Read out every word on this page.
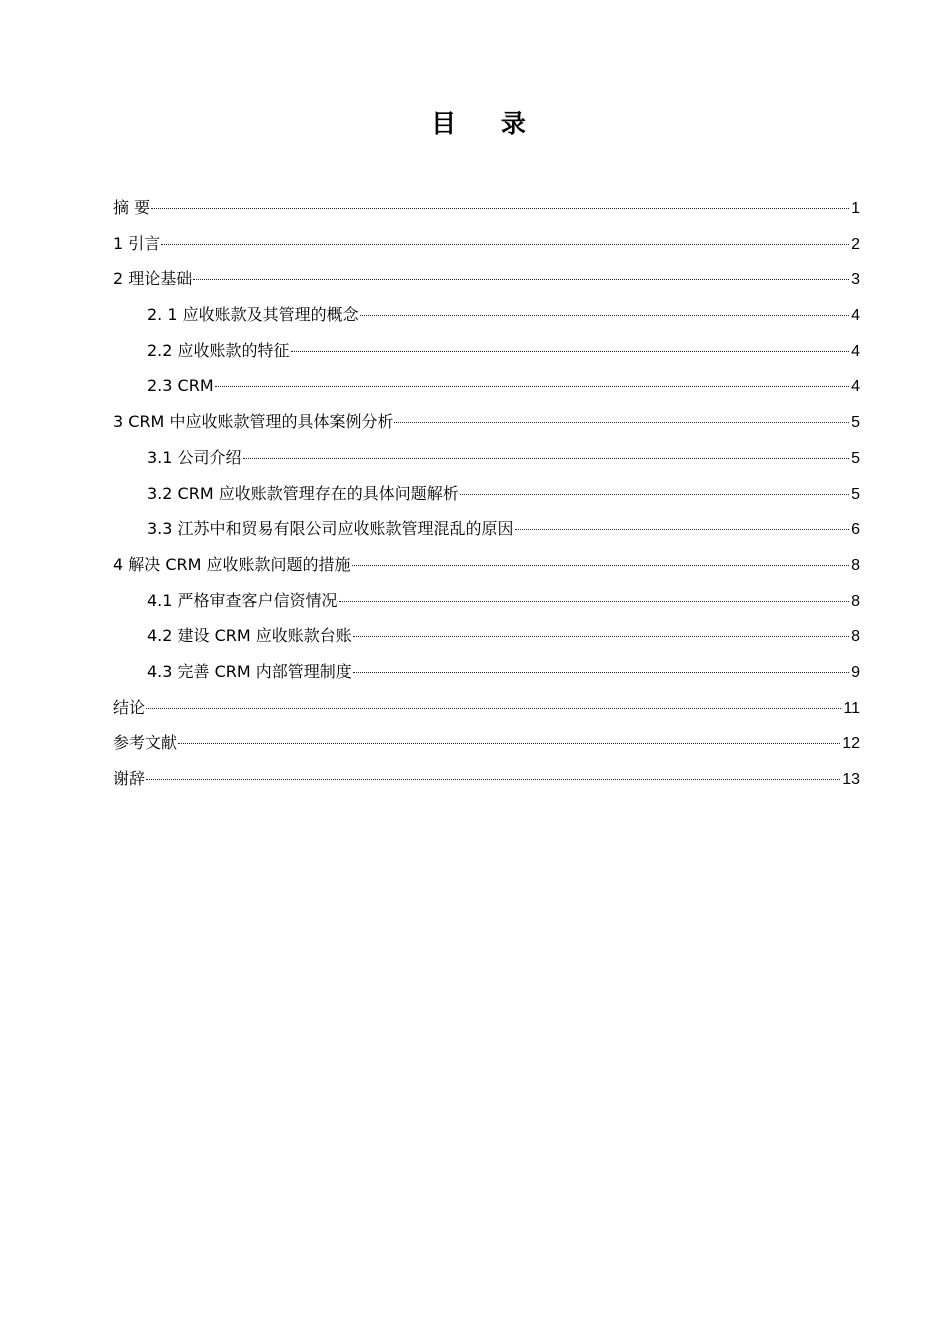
目 录
摘 要	1
1 引言	2
2 理论基础	3
2. 1 应收账款及其管理的概念	4
2.2 应收账款的特征	4
2.3 CRM	4
3 CRM 中应收账款管理的具体案例分析	5
3.1 公司介绍	5
3.2 CRM 应收账款管理存在的具体问题解析	5
3.3 江苏中和贸易有限公司应收账款管理混乱的原因	6
4 解决 CRM 应收账款问题的措施	8
4.1 严格审查客户信资情况	8
4.2 建设 CRM 应收账款台账	8
4.3 完善 CRM 内部管理制度	9
结论	11
参考文献	12
谢辞	13
